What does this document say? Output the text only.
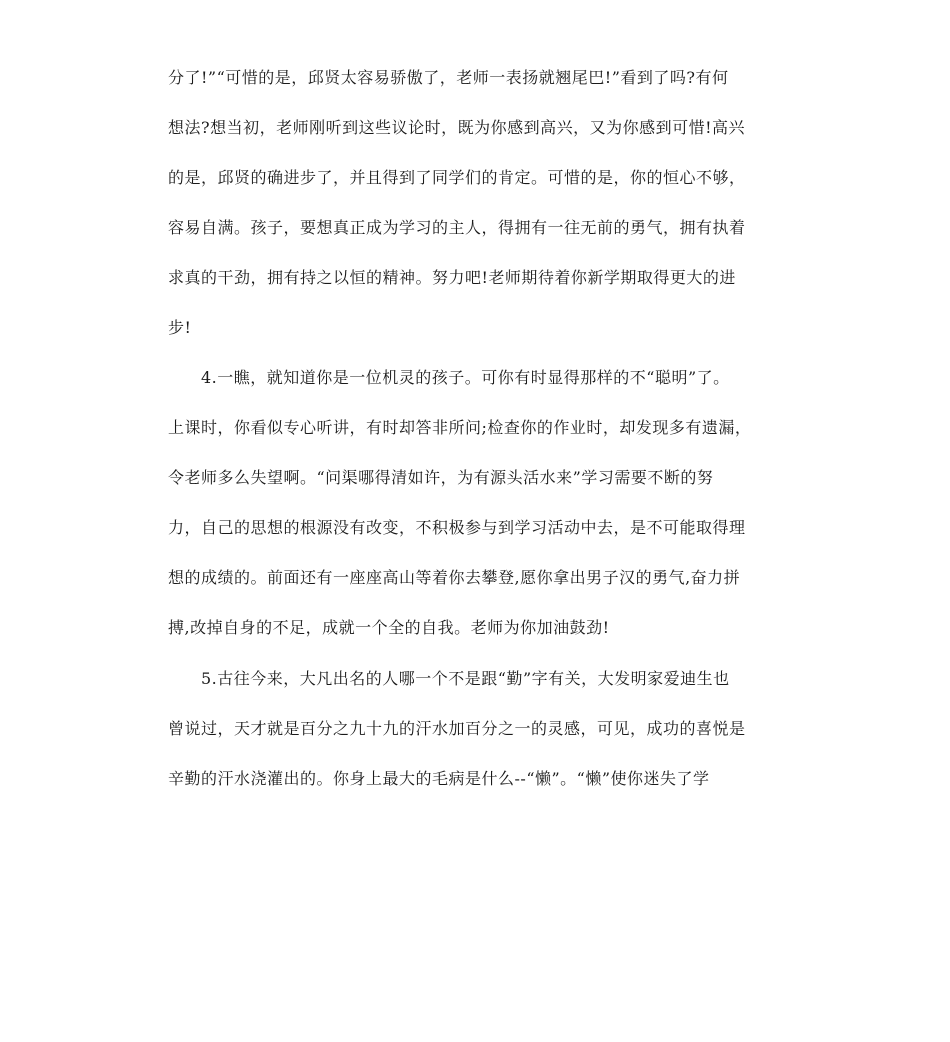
分了!”“可惜的是，邱贤太容易骄傲了，老师一表扬就翘尾巴!”看到了吗?有何
想法?想当初，老师刚听到这些议论时，既为你感到高兴，又为你感到可惜!高兴
的是，邱贤的确进步了，并且得到了同学们的肯定。可惜的是，你的恒心不够，
容易自满。孩子，要想真正成为学习的主人，得拥有一往无前的勇气，拥有执着
求真的干劲，拥有持之以恒的精神。努力吧!老师期待着你新学期取得更大的进
步!
4.一瞧，就知道你是一位机灵的孩子。可你有时显得那样的不“聪明”了。
上课时，你看似专心听讲，有时却答非所问;检查你的作业时，却发现多有遗漏，
令老师多么失望啊。“问渠哪得清如许，为有源头活水来”学习需要不断的努
力，自己的思想的根源没有改变，不积极参与到学习活动中去，是不可能取得理
想的成绩的。前面还有一座座高山等着你去攀登,愿你拿出男子汉的勇气,奋力拼
搏,改掉自身的不足，成就一个全的自我。老师为你加油鼓劲!
5.古往今来，大凡出名的人哪一个不是跟“勤”字有关，大发明家爱迪生也
曾说过，天才就是百分之九十九的汗水加百分之一的灵感，可见，成功的喜悦是
辛勤的汗水浇灌出的。你身上最大的毛病是什么--“懒”。“懒”使你迷失了学
